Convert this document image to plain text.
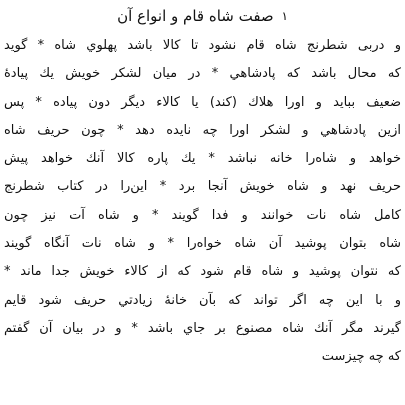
$^١$ صفت شاه قام و انواع آن
و دربی شطرنج شاه قام نشود تا کالا باشد پهلوي شاه * گوید
که محال باشد که پادشاهي * در میان لشکر خویش یك پیادهٔ
ضعیف بباید و اورا هلاك (کند) یا کالاء دیگر دون پیاده * پس
ازین پادشاهي و لشکر اورا چه نایده دهد * چون حریف شاه
خواهد و شاه‌را خانه نباشد * یك پاره کالا آنك خواهد پیش
حریف نهد و شاه خویش آنجا برد * این‌را در کتاب شطرنج
کامل شاه نات خوانند و فدا گویند * و شاه آت نیز چون
شاه بتوان پوشید آن شاه خواه‌را * و شاه نات آنگاه گویند
که نتوان پوشید و شاه قام شود که از کالاء خویش جدا ماند *
و با این چه اگر تواند که بآن خانهٔ زیادتي حریف شود قایم
گیرند مگر آنك شاه مصنوع بر جاي باشد * و در بیان آن گفتم
که چه چیزست
